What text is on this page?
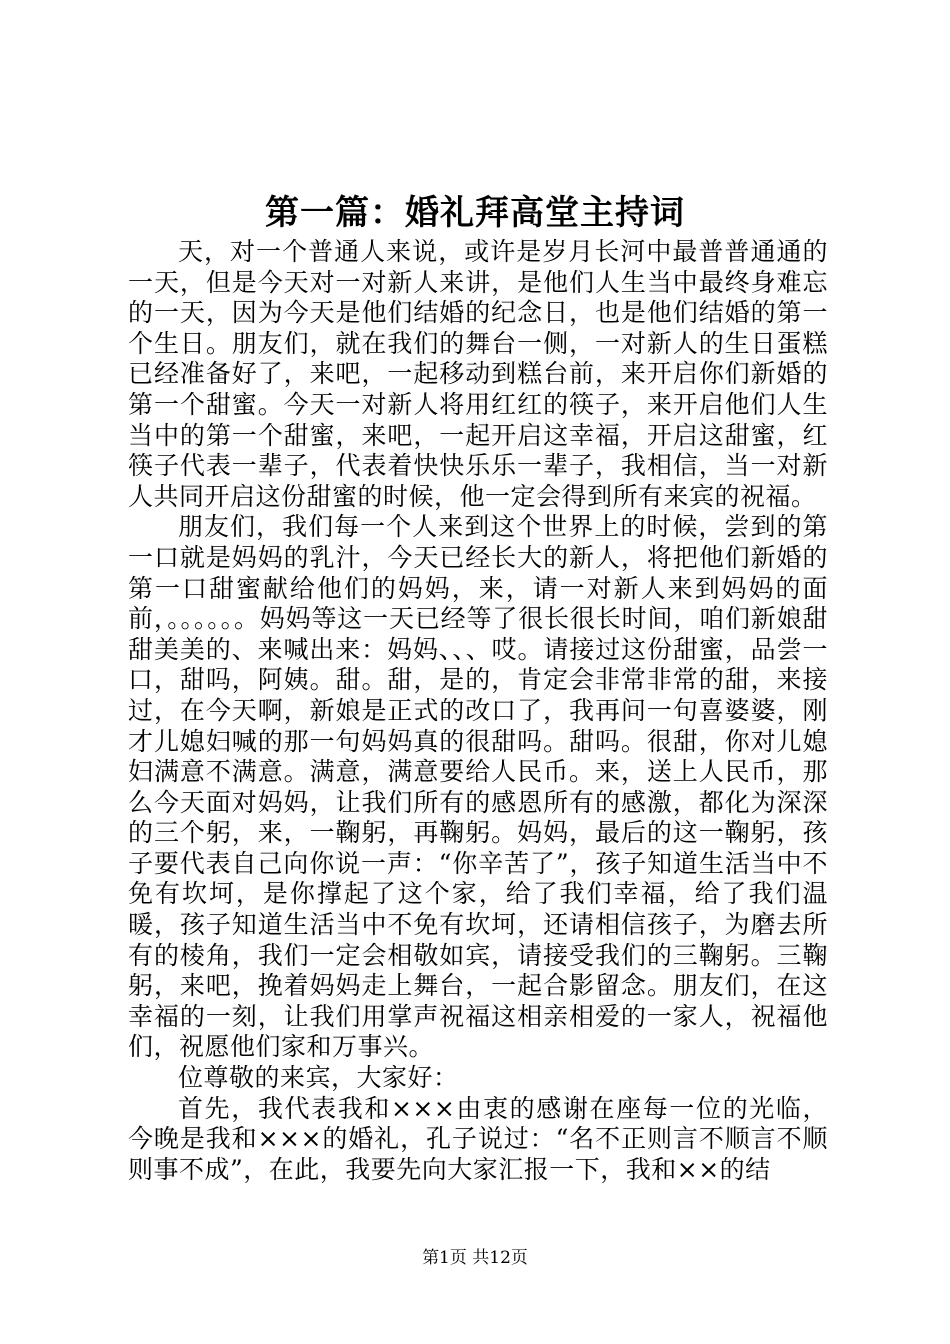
第一篇：婚礼拜高堂主持词

天，对一个普通人来说，或许是岁月长河中最普普通通的一天，但是今天对一对新人来讲，是他们人生当中最终身难忘的一天，因为今天是他们结婚的纪念日，也是他们结婚的第一个生日。朋友们，就在我们的舞台一侧，一对新人的生日蛋糕已经准备好了，来吧，一起移动到糕台前，来开启你们新婚的第一个甜蜜。今天一对新人将用红红的筷子，来开启他们人生当中的第一个甜蜜，来吧，一起开启这幸福，开启这甜蜜，红筷子代表一辈子，代表着快快乐乐一辈子，我相信，当一对新人共同开启这份甜蜜的时候，他一定会得到所有来宾的祝福。

朋友们，我们每一个人来到这个世界上的时候，尝到的第一口就是妈妈的乳汁，今天已经长大的新人，将把他们新婚的第一口甜蜜献给他们的妈妈，来，请一对新人来到妈妈的面前，。。。。。。妈妈等这一天已经等了很长很长时间，咱们新娘甜甜美美的、来喊出来：妈妈、、、哎。请接过这份甜蜜，品尝一口，甜吗，阿姨。甜。甜，是的，肯定会非常非常的甜，来接过，在今天啊，新娘是正式的改口了，我再问一句喜婆婆，刚才儿媳妇喊的那一句妈妈真的很甜吗。甜吗。很甜，你对儿媳妇满意不满意。满意，满意要给人民币。来，送上人民币，那么今天面对妈妈，让我们所有的感恩所有的感激，都化为深深的三个躬，来，一鞠躬，再鞠躬。妈妈，最后的这一鞠躬，孩子要代表自己向你说一声：“你辛苦了”，孩子知道生活当中不免有坎坷，是你撑起了这个家，给了我们幸福，给了我们温暖，孩子知道生活当中不免有坎坷，还请相信孩子，为磨去所有的棱角，我们一定会相敬如宾，请接受我们的三鞠躬。三鞠躬，来吧，挽着妈妈走上舞台，一起合影留念。朋友们，在这幸福的一刻，让我们用掌声祝福这相亲相爱的一家人，祝福他们，祝愿他们家和万事兴。

位尊敬的来宾，大家好：

首先，我代表我和×××由衷的感谢在座每一位的光临，今晚是我和×××的婚礼，孔子说过：“名不正则言不顺言不顺则事不成”，在此，我要先向大家汇报一下，我和××的结

第1页 共12页
